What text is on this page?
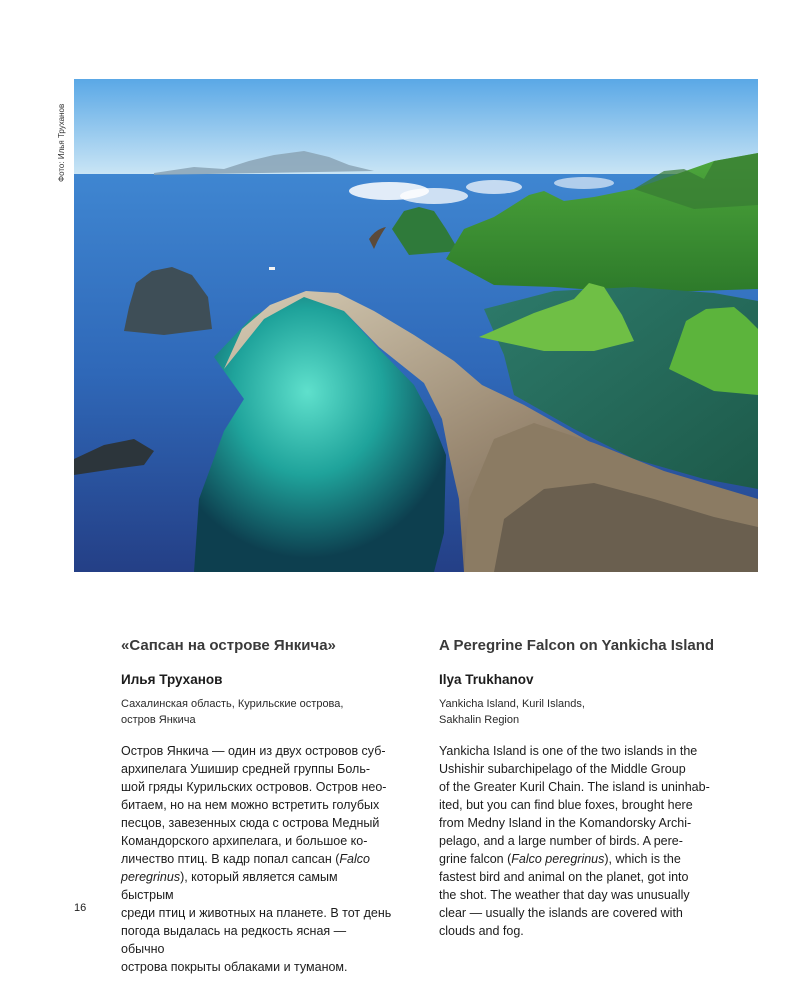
Фото: Илья Труханов
«Сапсан на острове Янкича»
Илья Труханов
Сахалинская область, Курильские острова,
остров Янкича
Остров Янкича — один из двух островов суб-
архипелага Ушишир средней группы Боль-
шой гряды Курильских островов. Остров нео-
битаем, но на нем можно встретить голубых
песцов, завезенных сюда с острова Медный
Командорского архипелага, и большое ко-
личество птиц. В кадр попал сапсан (Falco
peregrinus), который является самым быстрым
среди птиц и животных на планете. В тот день
погода выдалась на редкость ясная — обычно
острова покрыты облаками и туманом.
A Peregrine Falcon on Yankicha Island
Ilya Trukhanov
Yankicha Island, Kuril Islands,
Sakhalin Region
Yankicha Island is one of the two islands in the
Ushishir subarchipelago of the Middle Group
of the Greater Kuril Chain. The island is uninhab-
ited, but you can find blue foxes, brought here
from Medny Island in the Komandorsky Archi-
pelago, and a large number of birds. A pere-
grine falcon (Falco peregrinus), which is the
fastest bird and animal on the planet, got into
the shot. The weather that day was unusually
clear — usually the islands are covered with
clouds and fog.
16
